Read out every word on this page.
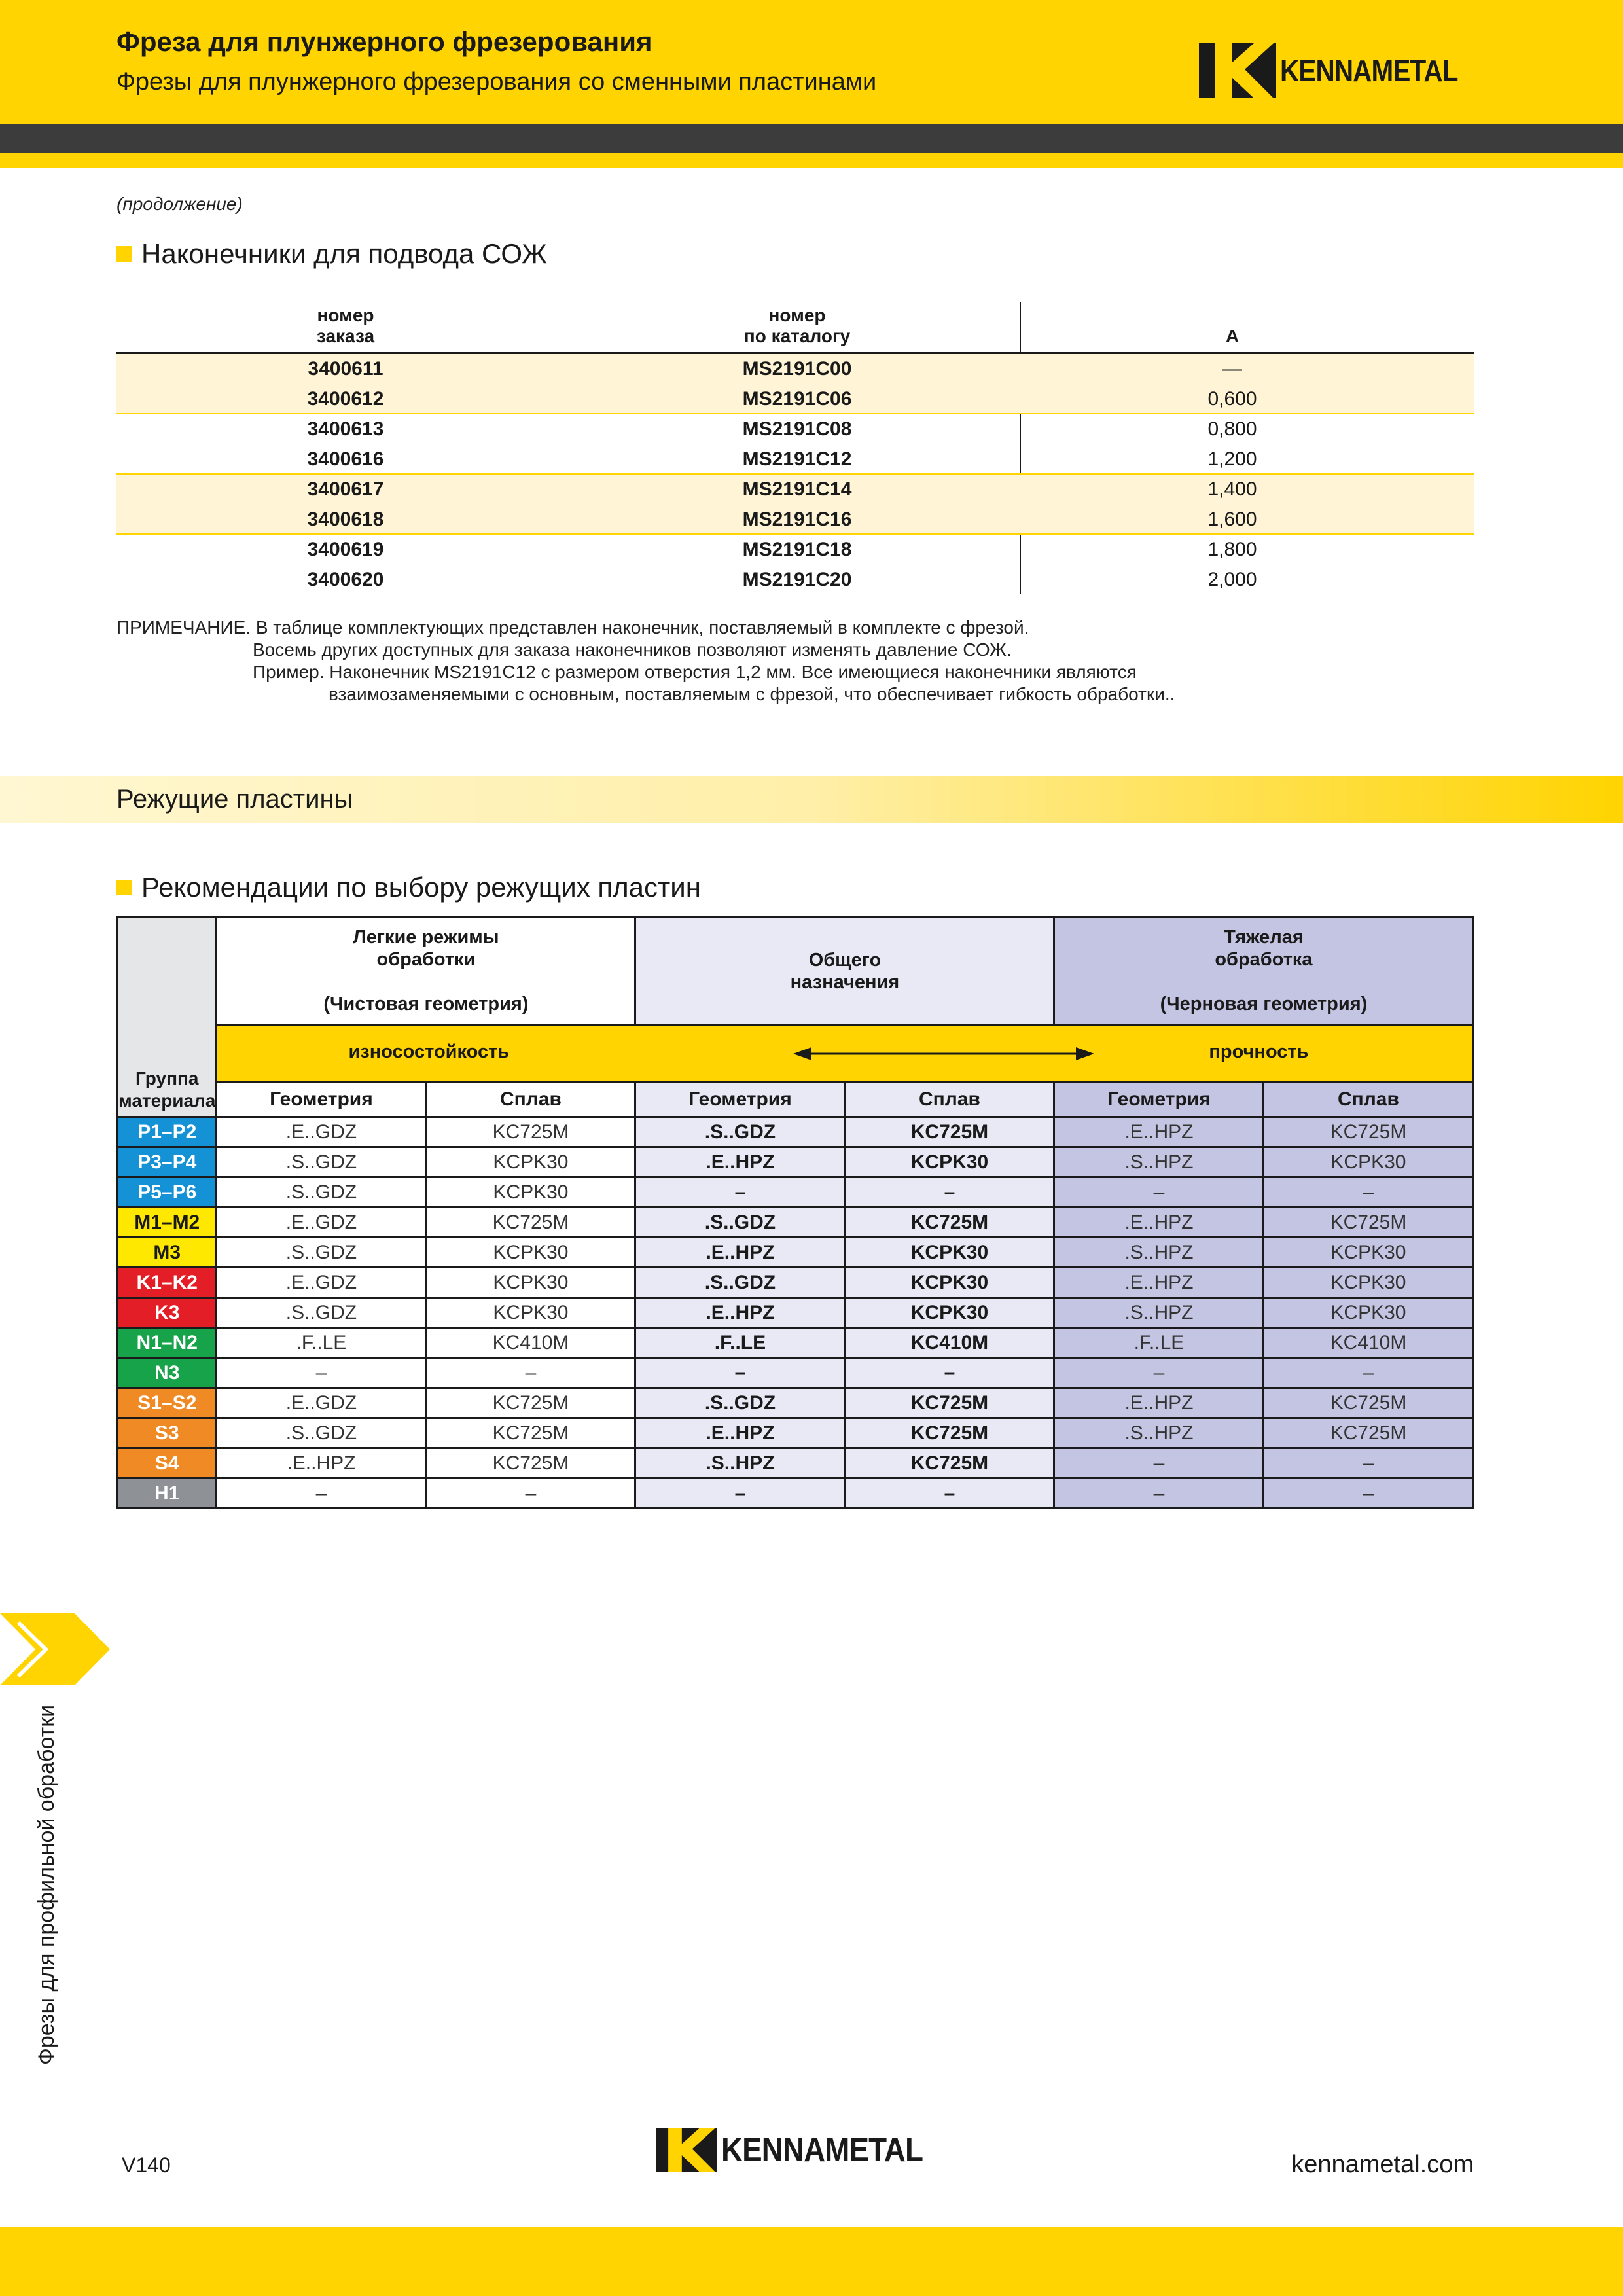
Фреза для плунжерного фрезерования
Фрезы для плунжерного фрезерования со сменными пластинами	KENNAMETAL
(продолжение)
Наконечники для подвода СОЖ
номер
заказа
номер
по каталогу	A
3400611	MS2191C00	—
3400612	MS2191C06	0,600
3400613	MS2191C08	0,800
3400616	MS2191C12	1,200
3400617	MS2191C14	1,400
3400618	MS2191C16	1,600
3400619	MS2191C18	1,800
3400620	MS2191C20	2,000
ПРИМЕЧАНИЕ. В таблице комплектующих представлен наконечник, поставляемый в комплекте с фрезой.
Восемь других доступных для заказа наконечников позволяют изменять давление СОЖ.
Пример. Наконечник MS2191C12 с размером отверстия 1,2 мм. Все имеющиеся наконечники являются
взаимозаменяемыми с основным, поставляемым с фрезой, что обеспечивает гибкость обработки..
Режущие пластины
Рекомендации по выбору режущих пластин
Группа
материала	Легкие режимы
обработки

(Чистовая геометрия)		Общего
назначения		Тяжелая
обработка

(Черновая геометрия)	

	износостойкость прочность					

	Геометрия	Сплав	Геометрия	Сплав	Геометрия	Сплав
P1–P2	.E..GDZ	KC725M	.S..GDZ	KC725M	.E..HPZ	KC725M
P3–P4	.S..GDZ	KCPK30	.E..HPZ	KCPK30	.S..HPZ	KCPK30
P5–P6	.S..GDZ	KCPK30	–	–	–	–
M1–M2	.E..GDZ	KC725M	.S..GDZ	KC725M	.E..HPZ	KC725M
M3	.S..GDZ	KCPK30	.E..HPZ	KCPK30	.S..HPZ	KCPK30
K1–K2	.E..GDZ	KCPK30	.S..GDZ	KCPK30	.E..HPZ	KCPK30
K3	.S..GDZ	KCPK30	.E..HPZ	KCPK30	.S..HPZ	KCPK30
N1–N2	.F..LE	KC410M	.F..LE	KC410M	.F..LE	KC410M
N3	–	–	–	–	–	–
S1–S2	.E..GDZ	KC725M	.S..GDZ	KC725M	.E..HPZ	KC725M
S3	.S..GDZ	KC725M	.E..HPZ	KC725M	.S..HPZ	KC725M
S4	.E..HPZ	KC725M	.S..HPZ	KC725M	–	–
H1	–	–	–	–	–	–
Фрезы для профильной обработки
V140	KENNAMETAL	kennametal.com
